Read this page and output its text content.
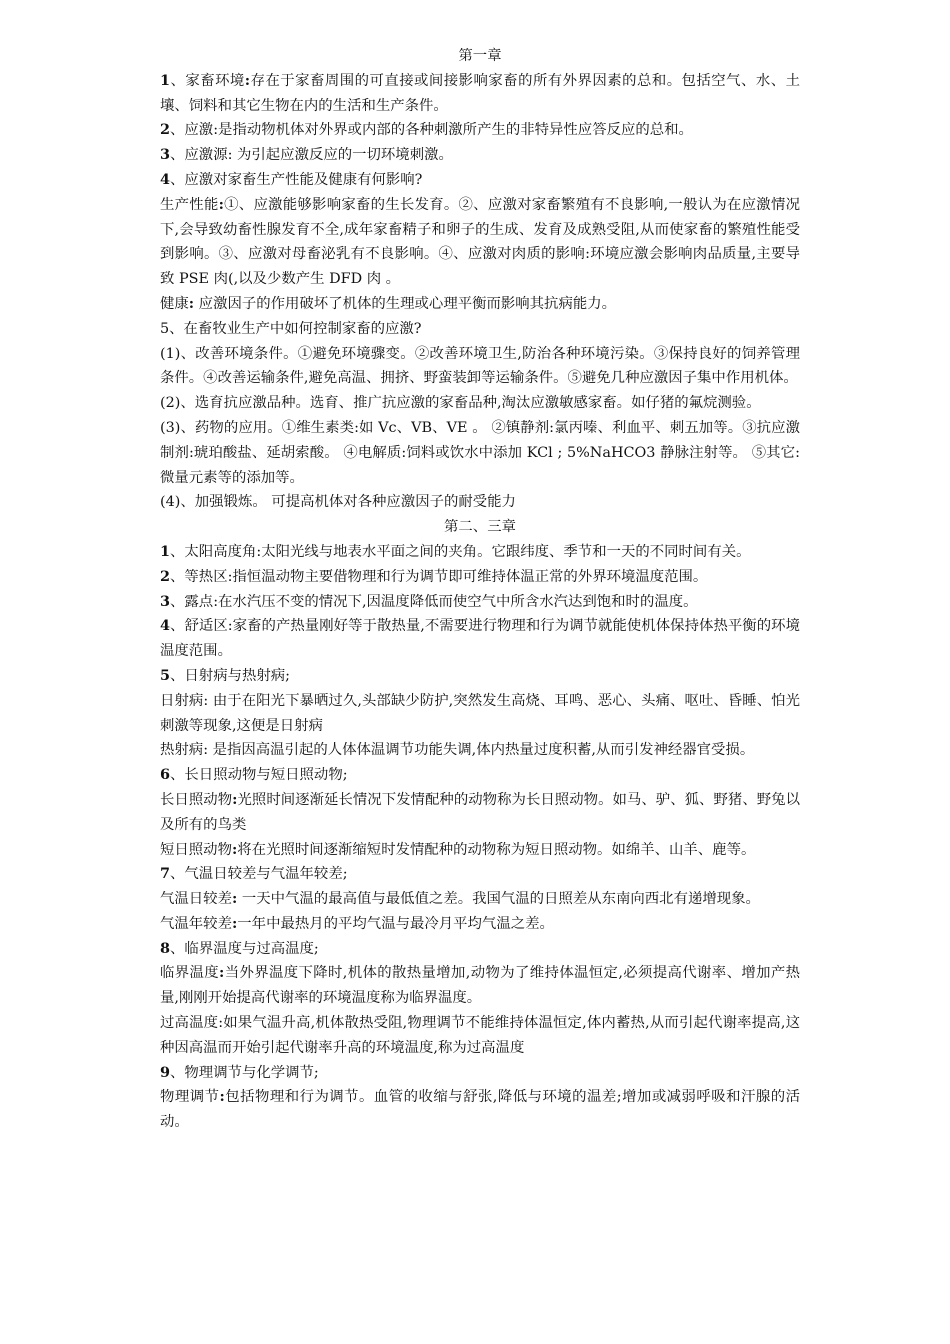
第一章

1、家畜环境:存在于家畜周围的可直接或间接影响家畜的所有外界因素的总和。包括空气、水、土壤、饲料和其它生物在内的生活和生产条件。

2、应激:是指动物机体对外界或内部的各种刺激所产生的非特异性应答反应的总和。

3、应激源: 为引起应激反应的一切环境刺激。

4、应激对家畜生产性能及健康有何影响?

生产性能:①、应激能够影响家畜的生长发育。②、应激对家畜繁殖有不良影响,一般认为在应激情况下,会导致幼畜性腺发育不全,成年家畜精子和卵子的生成、发育及成熟受阻,从而使家畜的繁殖性能受到影响。③、应激对母畜泌乳有不良影响。④、应激对肉质的影响:环境应激会影响肉品质量,主要导致 PSE 肉(,以及少数产生 DFD 肉 。

健康: 应激因子的作用破坏了机体的生理或心理平衡而影响其抗病能力。

5、在畜牧业生产中如何控制家畜的应激?

(1)、改善环境条件。①避免环境骤变。②改善环境卫生,防治各种环境污染。③保持良好的饲养管理条件。④改善运输条件,避免高温、拥挤、野蛮装卸等运输条件。⑤避免几种应激因子集中作用机体。

(2)、选育抗应激品种。选育、推广抗应激的家畜品种,淘汰应激敏感家畜。如仔猪的氟烷测验。

(3)、药物的应用。①维生素类:如 Vc、VB、VE 。 ②镇静剂:氯丙嗪、利血平、刺五加等。③抗应激制剂:琥珀酸盐、延胡索酸。 ④电解质:饲料或饮水中添加 KCl ; 5%NaHCO3 静脉注射等。 ⑤其它:微量元素等的添加等。

(4)、加强锻炼。 可提高机体对各种应激因子的耐受能力

第二、三章

1、太阳高度角:太阳光线与地表水平面之间的夹角。它跟纬度、季节和一天的不同时间有关。

2、等热区:指恒温动物主要借物理和行为调节即可维持体温正常的外界环境温度范围。

3、露点:在水汽压不变的情况下,因温度降低而使空气中所含水汽达到饱和时的温度。

4、舒适区:家畜的产热量刚好等于散热量,不需要进行物理和行为调节就能使机体保持体热平衡的环境温度范围。

5、日射病与热射病;

日射病: 由于在阳光下暴晒过久,头部缺少防护,突然发生高烧、耳鸣、恶心、头痛、呕吐、昏睡、怕光刺激等现象,这便是日射病

热射病: 是指因高温引起的人体体温调节功能失调,体内热量过度积蓄,从而引发神经器官受损。

6、长日照动物与短日照动物;

长日照动物:光照时间逐渐延长情况下发情配种的动物称为长日照动物。如马、驴、狐、野猪、野兔以及所有的鸟类

短日照动物:将在光照时间逐渐缩短时发情配种的动物称为短日照动物。如绵羊、山羊、鹿等。

7、气温日较差与气温年较差;

气温日较差: 一天中气温的最高值与最低值之差。我国气温的日照差从东南向西北有递增现象。

气温年较差:一年中最热月的平均气温与最冷月平均气温之差。

8、临界温度与过高温度;

临界温度:当外界温度下降时,机体的散热量增加,动物为了维持体温恒定,必须提高代谢率、增加产热量,刚刚开始提高代谢率的环境温度称为临界温度。

过高温度:如果气温升高,机体散热受阻,物理调节不能维持体温恒定,体内蓄热,从而引起代谢率提高,这种因高温而开始引起代谢率升高的环境温度,称为过高温度

9、物理调节与化学调节;

物理调节:包括物理和行为调节。血管的收缩与舒张,降低与环境的温差;增加或减弱呼吸和汗腺的活动。
